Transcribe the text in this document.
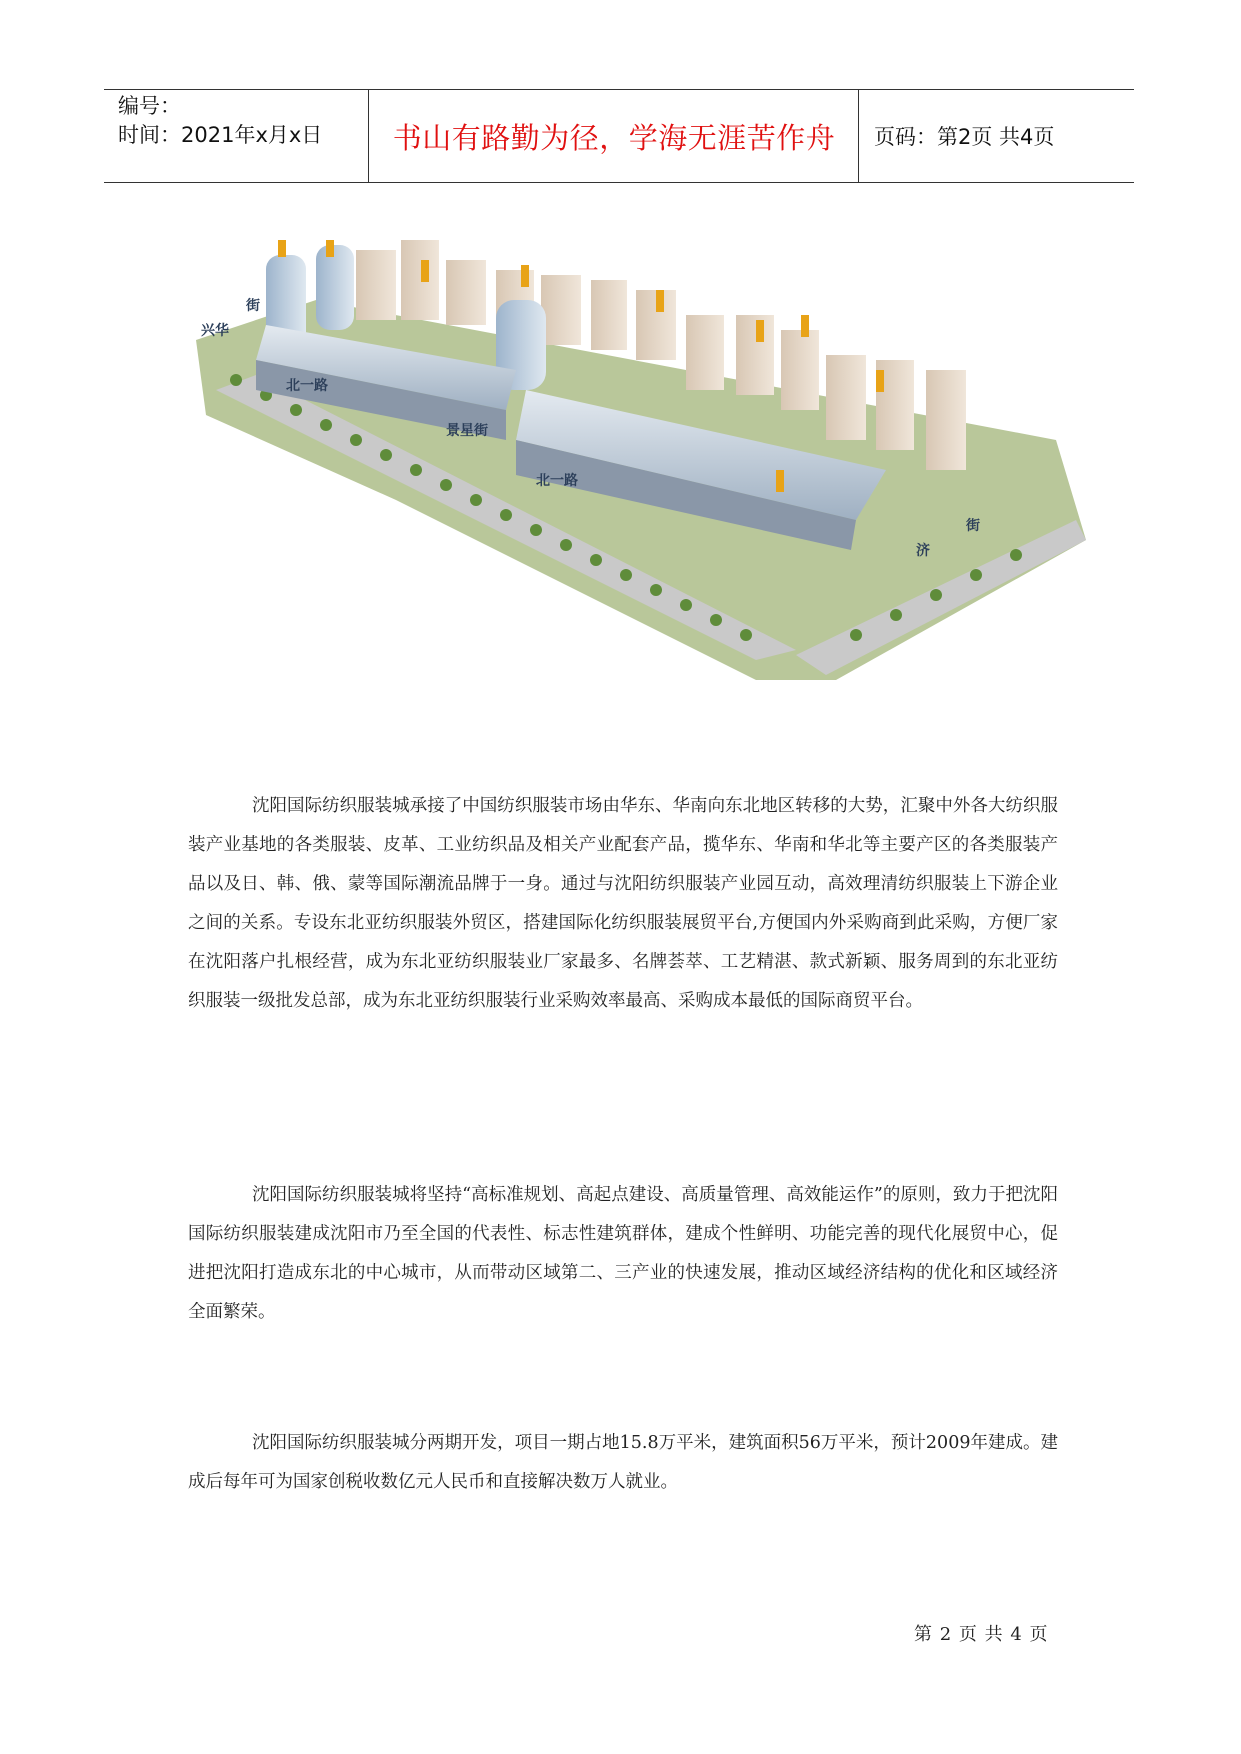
编号：
时间：2021年x月x日	书山有路勤为径，学海无涯苦作舟	页码：第2页 共4页
兴华
街
北一路
景星街
北一路
街
济

沈阳国际纺织服装城承接了中国纺织服装市场由华东、华南向东北地区转移的大势，汇聚中外各大纺织服装产业基地的各类服装、皮革、工业纺织品及相关产业配套产品，揽华东、华南和华北等主要产区的各类服装产品以及日、韩、俄、蒙等国际潮流品牌于一身。通过与沈阳纺织服装产业园互动，高效理清纺织服装上下游企业之间的关系。专设东北亚纺织服装外贸区，搭建国际化纺织服装展贸平台,方便国内外采购商到此采购，方便厂家在沈阳落户扎根经营，成为东北亚纺织服装业厂家最多、名牌荟萃、工艺精湛、款式新颖、服务周到的东北亚纺织服装一级批发总部，成为东北亚纺织服装行业采购效率最高、采购成本最低的国际商贸平台。

沈阳国际纺织服装城将坚持“高标准规划、高起点建设、高质量管理、高效能运作”的原则，致力于把沈阳国际纺织服装建成沈阳市乃至全国的代表性、标志性建筑群体，建成个性鲜明、功能完善的现代化展贸中心，促进把沈阳打造成东北的中心城市，从而带动区域第二、三产业的快速发展，推动区域经济结构的优化和区域经济全面繁荣。

沈阳国际纺织服装城分两期开发，项目一期占地15.8万平米，建筑面积56万平米，预计2009年建成。建成后每年可为国家创税收数亿元人民币和直接解决数万人就业。

第 2 页 共 4 页
